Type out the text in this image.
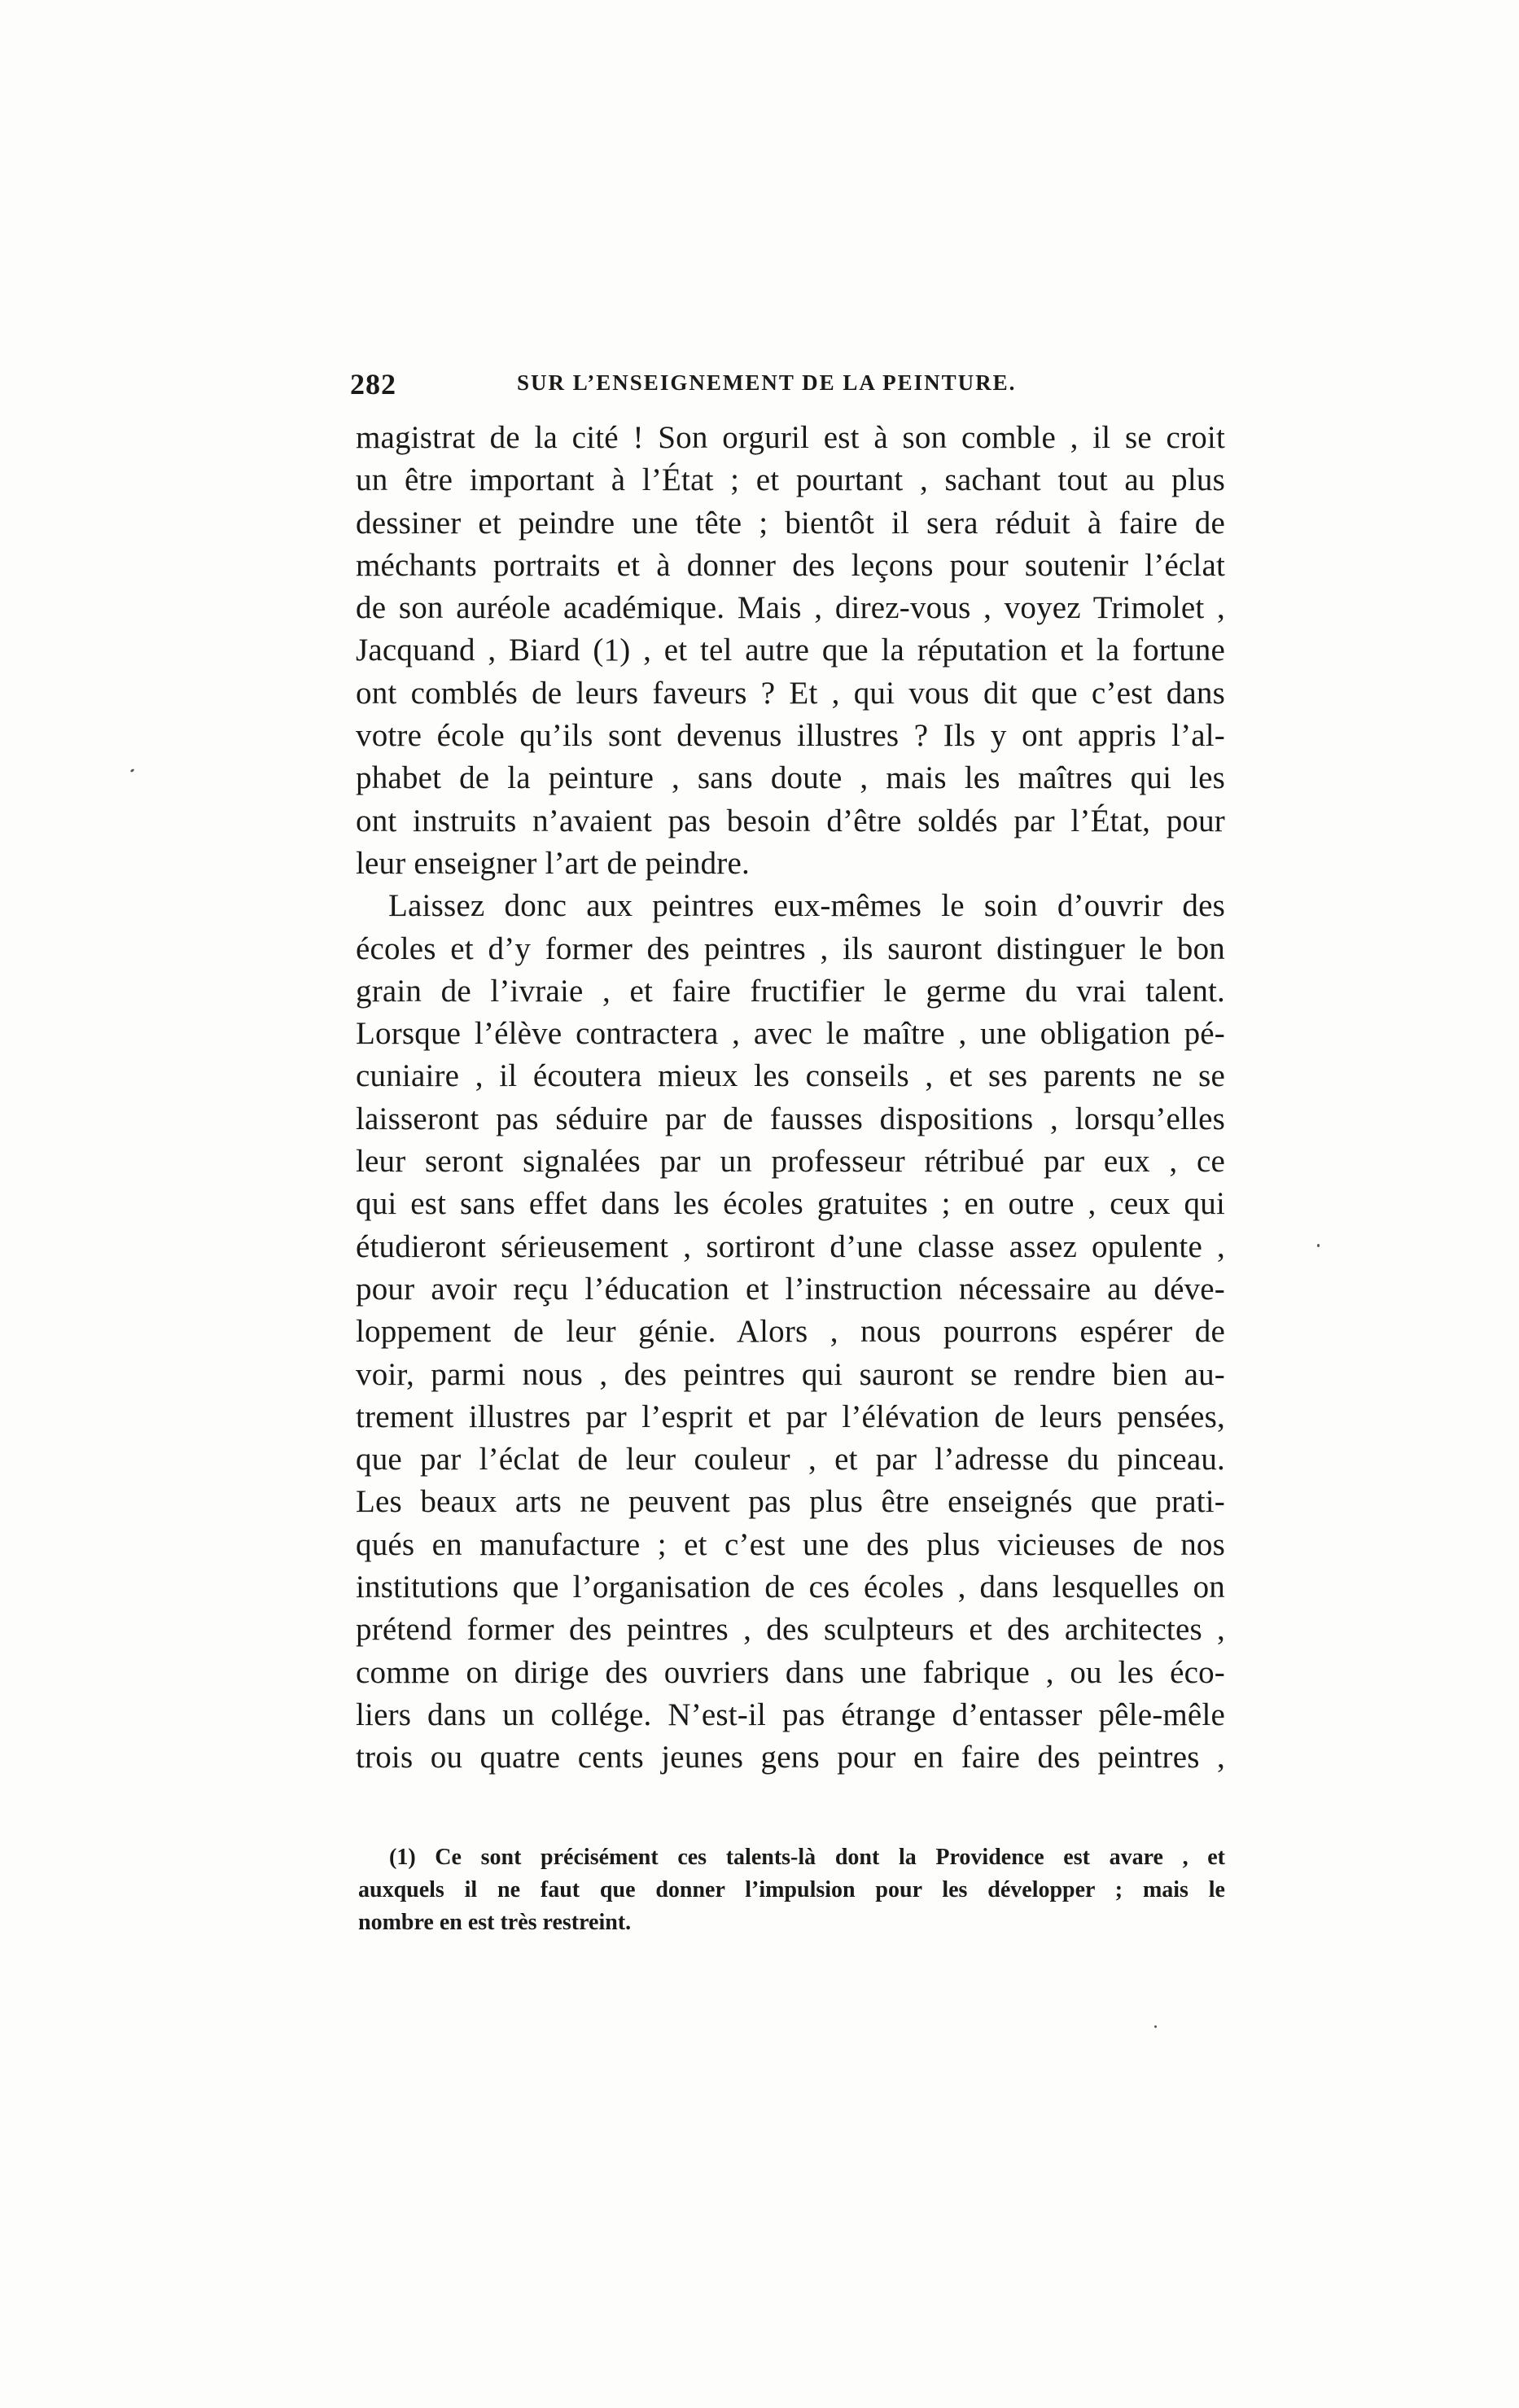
282	SUR L’ENSEIGNEMENT DE LA PEINTURE.
magistrat de la cité ! Son orguril est à son comble , il se croit
un être important à l’État ; et pourtant , sachant tout au plus
dessiner et peindre une tête ; bientôt il sera réduit à faire de
méchants portraits et à donner des leçons pour soutenir l’éclat
de son auréole académique. Mais , direz-vous , voyez Trimolet ,
Jacquand , Biard (1) , et tel autre que la réputation et la fortune
ont comblés de leurs faveurs ? Et , qui vous dit que c’est dans
votre école qu’ils sont devenus illustres ? Ils y ont appris l’al-
phabet de la peinture , sans doute , mais les maîtres qui les
ont instruits n’avaient pas besoin d’être soldés par l’État, pour
leur enseigner l’art de peindre.
Laissez donc aux peintres eux-mêmes le soin d’ouvrir des
écoles et d’y former des peintres , ils sauront distinguer le bon
grain de l’ivraie , et faire fructifier le germe du vrai talent.
Lorsque l’élève contractera , avec le maître , une obligation pé-
cuniaire , il écoutera mieux les conseils , et ses parents ne se
laisseront pas séduire par de fausses dispositions , lorsqu’elles
leur seront signalées par un professeur rétribué par eux , ce
qui est sans effet dans les écoles gratuites ; en outre , ceux qui
étudieront sérieusement , sortiront d’une classe assez opulente ,
pour avoir reçu l’éducation et l’instruction nécessaire au déve-
loppement de leur génie. Alors , nous pourrons espérer de
voir, parmi nous , des peintres qui sauront se rendre bien au-
trement illustres par l’esprit et par l’élévation de leurs pensées,
que par l’éclat de leur couleur , et par l’adresse du pinceau.
Les beaux arts ne peuvent pas plus être enseignés que prati-
qués en manufacture ; et c’est une des plus vicieuses de nos
institutions que l’organisation de ces écoles , dans lesquelles on
prétend former des peintres , des sculpteurs et des architectes ,
comme on dirige des ouvriers dans une fabrique , ou les éco-
liers dans un collége. N’est-il pas étrange d’entasser pêle-mêle
trois ou quatre cents jeunes gens pour en faire des peintres ,
(1) Ce sont précisément ces talents-là dont la Providence est avare , et
auxquels il ne faut que donner l’impulsion pour les développer ; mais le
nombre en est très restreint.
